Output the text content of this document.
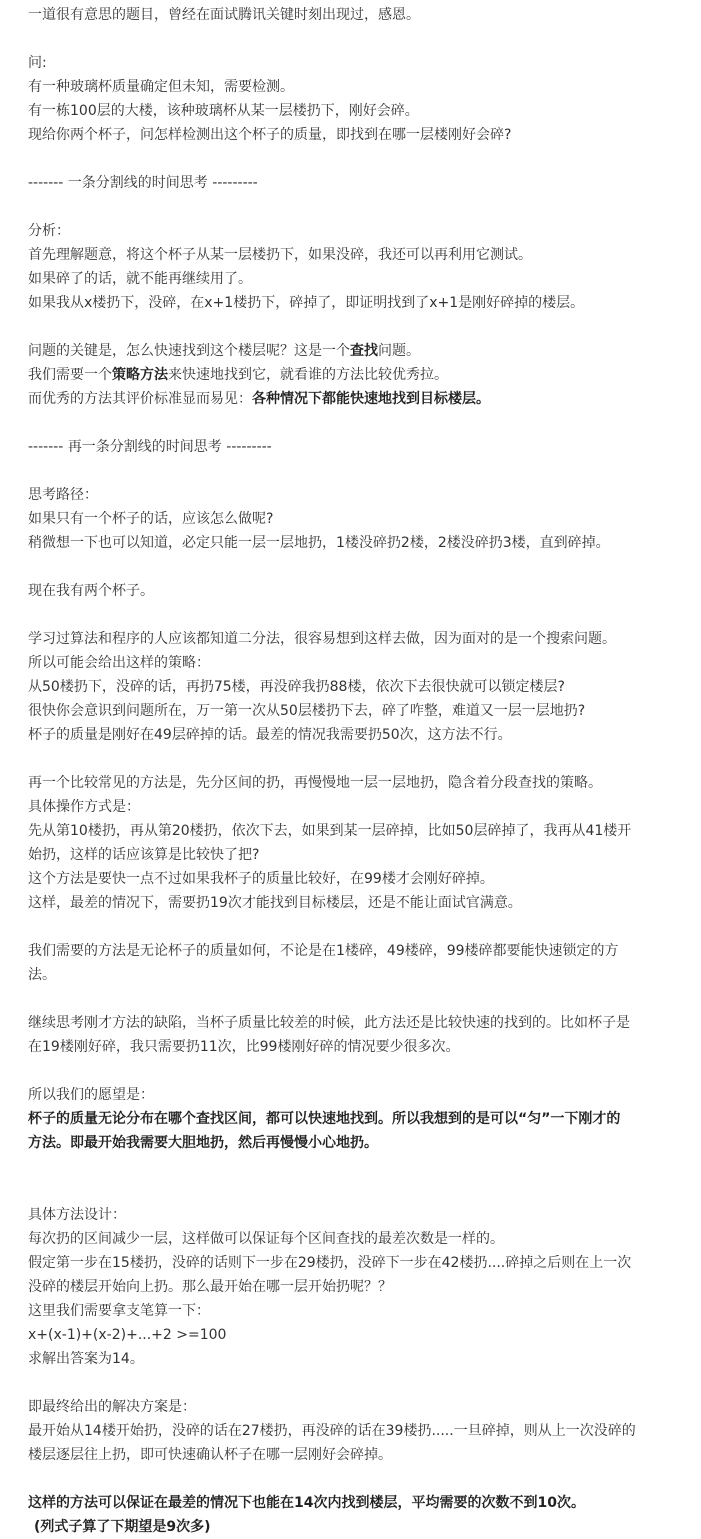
一道很有意思的题目，曾经在面试腾讯关键时刻出现过，感恩。
问:
有一种玻璃杯质量确定但未知，需要检测。
有一栋100层的大楼，该种玻璃杯从某一层楼扔下，刚好会碎。
现给你两个杯子，问怎样检测出这个杯子的质量，即找到在哪一层楼刚好会碎?
------- 一条分割线的时间思考 ---------
分析：
首先理解题意，将这个杯子从某一层楼扔下，如果没碎，我还可以再利用它测试。
如果碎了的话，就不能再继续用了。
如果我从x楼扔下，没碎，在x+1楼扔下，碎掉了，即证明找到了x+1是刚好碎掉的楼层。
问题的关键是，怎么快速找到这个楼层呢？这是一个查找问题。
我们需要一个策略方法来快速地找到它，就看谁的方法比较优秀拉。
而优秀的方法其评价标准显而易见：各种情况下都能快速地找到目标楼层。
------- 再一条分割线的时间思考 ---------
思考路径：
如果只有一个杯子的话，应该怎么做呢?
稍微想一下也可以知道，必定只能一层一层地扔，1楼没碎扔2楼，2楼没碎扔3楼，直到碎掉。
现在我有两个杯子。
学习过算法和程序的人应该都知道二分法，很容易想到这样去做，因为面对的是一个搜索问题。
所以可能会给出这样的策略：
从50楼扔下，没碎的话，再扔75楼，再没碎我扔88楼，依次下去很快就可以锁定楼层?
很快你会意识到问题所在，万一第一次从50层楼扔下去，碎了咋整，难道又一层一层地扔?
杯子的质量是刚好在49层碎掉的话。最差的情况我需要扔50次，这方法不行。
再一个比较常见的方法是，先分区间的扔，再慢慢地一层一层地扔，隐含着分段查找的策略。
具体操作方式是：
先从第10楼扔，再从第20楼扔，依次下去，如果到某一层碎掉，比如50层碎掉了，我再从41楼开
始扔，这样的话应该算是比较快了把?
这个方法是要快一点不过如果我杯子的质量比较好，在99楼才会刚好碎掉。
这样，最差的情况下，需要扔19次才能找到目标楼层，还是不能让面试官满意。
我们需要的方法是无论杯子的质量如何，不论是在1楼碎，49楼碎，99楼碎都要能快速锁定的方
法。
继续思考刚才方法的缺陷，当杯子质量比较差的时候，此方法还是比较快速的找到的。比如杯子是
在19楼刚好碎，我只需要扔11次，比99楼刚好碎的情况要少很多次。
所以我们的愿望是：
杯子的质量无论分布在哪个查找区间，都可以快速地找到。所以我想到的是可以“匀”一下刚才的
方法。即最开始我需要大胆地扔，然后再慢慢小心地扔。
具体方法设计：
每次扔的区间减少一层，这样做可以保证每个区间查找的最差次数是一样的。
假定第一步在15楼扔，没碎的话则下一步在29楼扔，没碎下一步在42楼扔....碎掉之后则在上一次
没碎的楼层开始向上扔。那么最开始在哪一层开始扔呢？？
这里我们需要拿支笔算一下：
x+(x-1)+(x-2)+...+2 >=100
求解出答案为14。
即最终给出的解决方案是：
最开始从14楼开始扔，没碎的话在27楼扔，再没碎的话在39楼扔.....一旦碎掉，则从上一次没碎的
楼层逐层往上扔，即可快速确认杯子在哪一层刚好会碎掉。
这样的方法可以保证在最差的情况下也能在14次内找到楼层，平均需要的次数不到10次。
(列式子算了下期望是9次多)
